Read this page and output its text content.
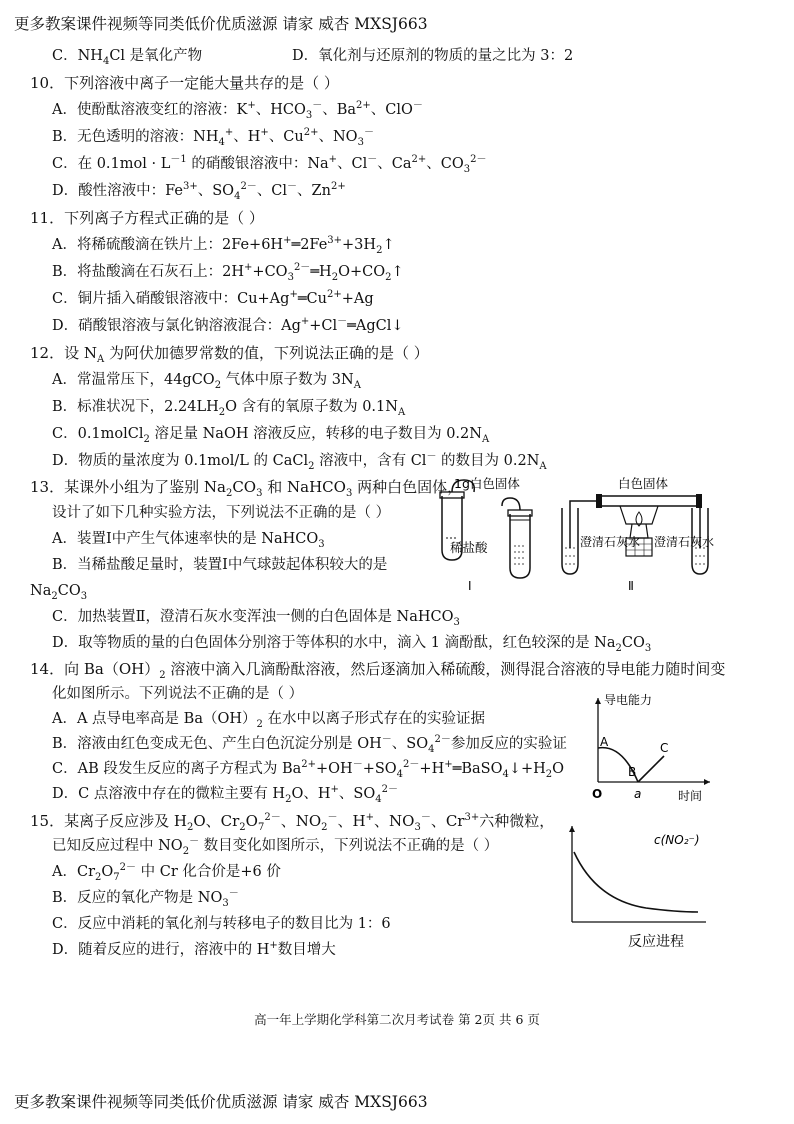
更多教案课件视频等同类低价优质滋源 请家 威杏 MXSJ663
C．$NH_4Cl$ 是氧化产物	D．氧化剂与还原剂的物质的量之比为 3：2
10．下列溶液中离子一定能大量共存的是（ ）
A．使酚酞溶液变红的溶液：K+、$HCO_3^-$、$Ba^{2+}$、ClO－
B．无色透明的溶液：$NH_4^+$、H+、$Cu^{2+}$、$NO_3^-$
C．在 $0.1mol \cdot L^{-1}$ 的硝酸银溶液中：Na+、Cl－、$Ca^{2+}$、$CO_3^{2-}$
D．酸性溶液中：$Fe^{3+}$、$SO_4^{2-}$、Cl－、$Zn^{2+}$
11．下列离子方程式正确的是（ ）
A．将稀硫酸滴在铁片上：$2Fe+6H^+═2Fe^{3+}+3H_2↑$
B．将盐酸滴在石灰石上：$2H^++CO_3^{2-}═H_2O+CO_2↑$
C．铜片插入硝酸银溶液中：$Cu+Ag^+═Cu^{2+}+Ag$
D．硝酸银溶液与氯化钠溶液混合：Ag++Cl－═AgCl↓
12．设 $N_A$ 为阿伏加德罗常数的值，下列说法正确的是（ ）
A．常温常压下，44gCO$_2$ 气体中原子数为 $3N_A$
B．标准状况下，$2.24LH_2O$ 含有的氧原子数为 $0.1N_A$
C．0.1molCl$_2$ 溶足量 NaOH 溶液反应，转移的电子数目为 $0.2N_A$
D．物质的量浓度为 0.1mol/L 的 CaCl$_2$ 溶液中，含有 Cl－ 的数目为 $0.2N_A$
13．某课外小组为了鉴别 $Na_2CO_3$ 和 NaHCO$_3$ 两种白色固体，
设计了如下几种实验方法，下列说法不正确的是（ ）
A．装置Ⅰ中产生气体速率快的是 NaHCO$_3$
B．当稀盐酸足量时，装置Ⅰ中气球鼓起体积较大的是
$Na_2CO_3$
C．加热装置Ⅱ，澄清石灰水变浑浊一侧的白色固体是 NaHCO$_3$
D．取等物质的量的白色固体分别溶于等体积的水中，滴入 1 滴酚酞，红色较深的是 $Na_2CO_3$
14．向 $Ba(OH)_2$ 溶液中滴入几滴酚酞溶液，然后逐滴加入稀硫酸，测得混合溶液的导电能力随时间变
化如图所示。下列说法不正确的是（ ）
A．A 点导电率高是 $Ba(OH)_2$ 在水中以离子形式存在的实验证据
B．溶液由红色变成无色、产生白色沉淀分别是 OH－、$SO_4^{2-}$参加反应的实验证
C．AB 段发生反应的离子方程式为 $Ba^{2+}+OH^-+SO_4^{2-}+H^+═BaSO_4↓+H_2O$
D．C 点溶液中存在的微粒主要有 $H_2O$、H+、$SO_4^{2-}$
15．某离子反应涉及 $H_2O$、$Cr_2O_7^{2-}$、$NO_2^-$、H+、$NO_3^-$、$Cr^{3+}$六种微粒，
已知反应过程中 $NO_2^-$ 数目变化如图所示，下列说法不正确的是（ ）
A．$Cr_2O_7^{2-}$ 中 Cr 化合价是+6 价
B．反应的氧化产物是 $NO_3^-$
C．反应中消耗的氧化剂与转移电子的数目比为 1：6
D．随着反应的进行，溶液中的 H+数目增大
1g白色固体
稀盐酸
Ⅰ
白色固体
澄清石灰水 澄清石灰水
Ⅱ
导电能力
时间
O	a
A
B
C
c(NO₂⁻)
反应进程
高一年上学期化学科第二次月考试卷 第 2页 共 6 页
更多教案课件视频等同类低价优质滋源 请家 威杏 MXSJ663
